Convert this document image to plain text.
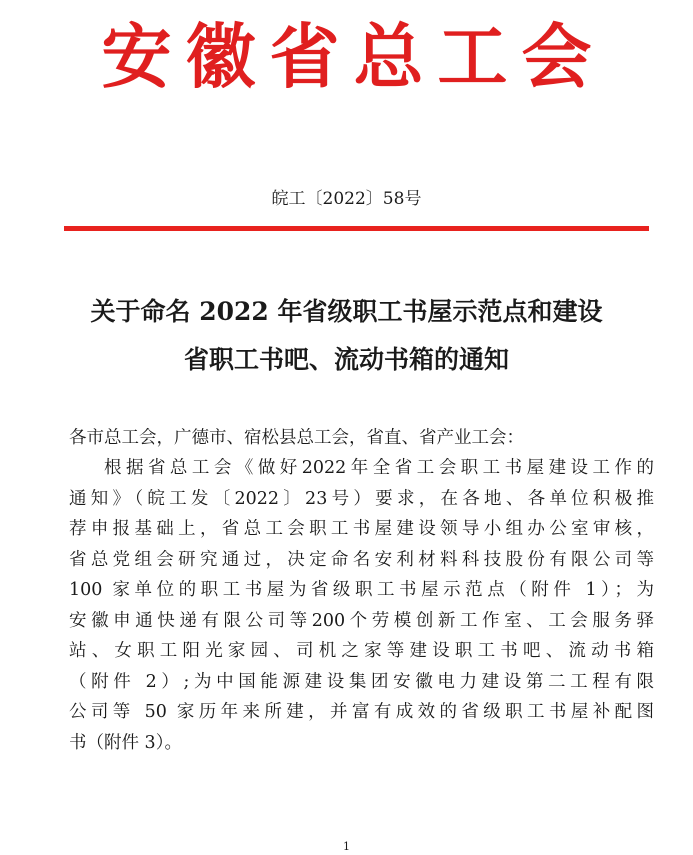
安徽省总工会
皖工〔2022〕58号
关于命名 2022 年省级职工书屋示范点和建设
省职工书吧、流动书箱的通知
各市总工会，广德市、宿松县总工会，省直、省产业工会：
根据省总工会《做好2022年全省工会职工书屋建设工作的
通知》（皖工发〔2022〕23号）要求，在各地、各单位积极推
荐申报基础上，省总工会职工书屋建设领导小组办公室审核，
省总党组会研究通过，决定命名安利材料科技股份有限公司等
100 家单位的职工书屋为省级职工书屋示范点（附件 1）；为
安徽申通快递有限公司等200个劳模创新工作室、工会服务驿
站、女职工阳光家园、司机之家等建设职工书吧、流动书箱
（附件 2）;为中国能源建设集团安徽电力建设第二工程有限
公司等 50 家历年来所建，并富有成效的省级职工书屋补配图
书（附件 3）。
1
